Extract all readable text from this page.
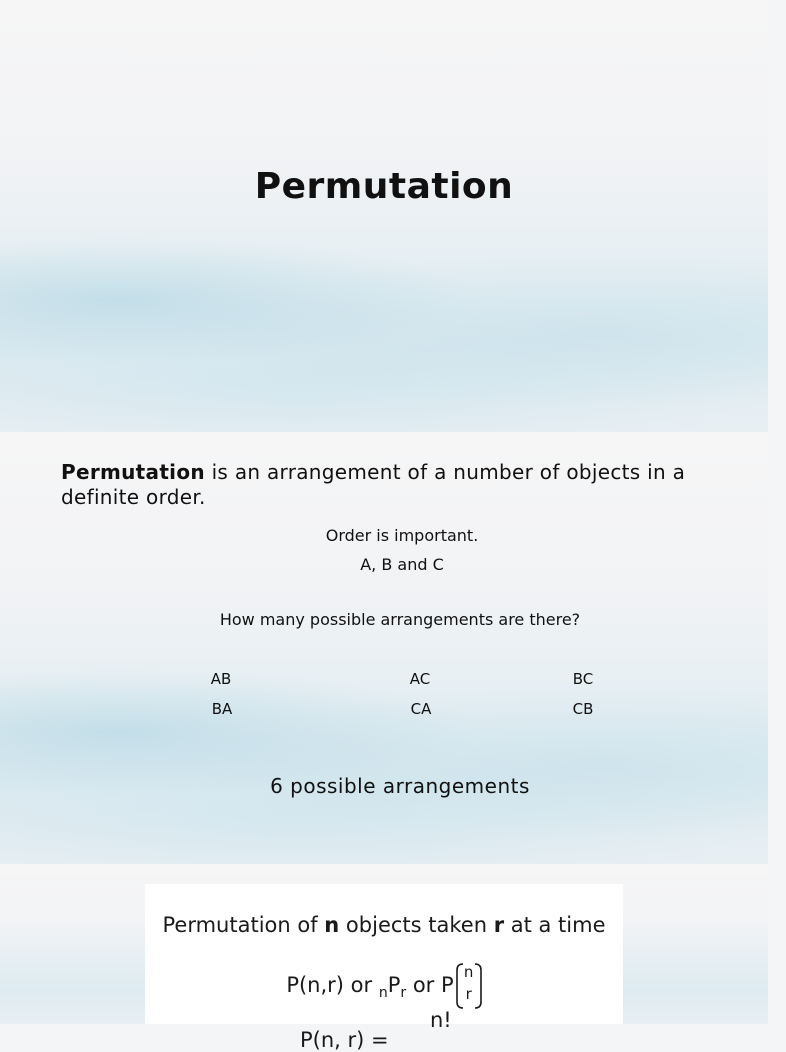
Permutation
Permutation is an arrangement of a number of objects in a definite order.
Order is important.
A, B and C
How many possible arrangements are there?
AB	AC	BC
BA	CA	CB
6 possible arrangements
Permutation of n objects taken r at a time
P(n,r) or $_nP_r$ or P
n
r
P(n, r) =
n!
